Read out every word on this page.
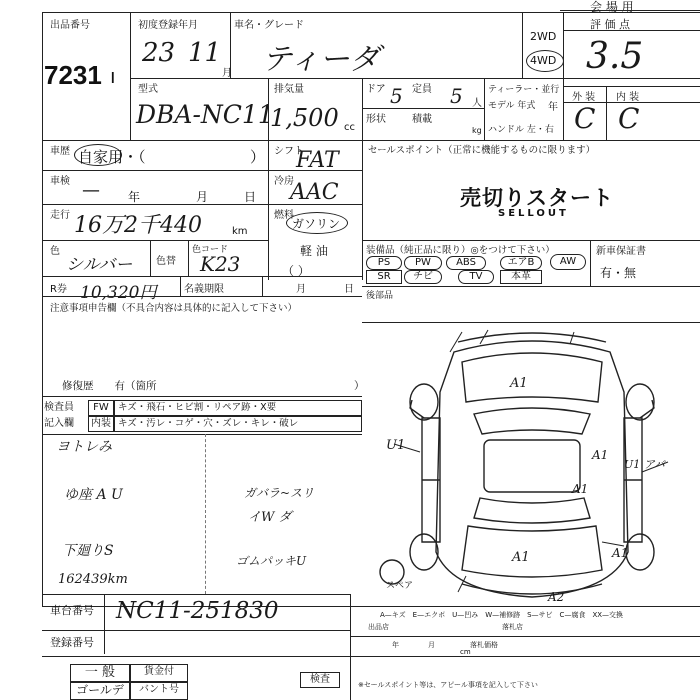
会 場 用
出品番号
7231 ı
初度登録年月
23 11
月
車名・グレード
ティーダ
2WD
4WD
評 価 点
3.5
型式
DBA-NC11
排気量
1,500 cc
ドア 5 定員 5 人
積載
形状
kg
ティーラー・並行
モデル 年式 年
ハンドル 左・右
外 装 内 装
C C
車歴 自家用・（	） シフト
FAT
車検 — 年	月	日
冷房
AAC
走行 16万2千440	km
燃料
ガソリン
軽 油
（ ）
色
シルバー 色替
色コード
K23
R券 10,320円	名義期限	月	日
注意事項申告欄（不具合内容は具体的に記入して下さい）
修復歴　　有（箇所	）
検査員 記入欄
FW キズ・飛石・ヒビ割・リペア跡・X要
内装 キズ・汚レ・コゲ・穴・ズレ・キレ・破レ
ヨトレみ
ゆ座 A U	ガバラ~スリ
イW ダ
下廻りS
ゴムパッキU
162439km
車台番号 NC11-251830
登録番号
一 般	貨金付
ゴールデ	バント号
検査	※セールスポイント等は、アピール事項を記入して下さい
出品店	落札店
年	月	落札価格
cm
セールスポイント（正常に機能するものに限ります）
売切りスタート
SELLOUT
装備品（純正品に限り）◎をつけて下さい）	新車保証書
有・無
PS	PW	ABS	エアB	AW
SR	チビ	TV	本革
後部品
A1
U1
A1
U1 アバ
A1
A1	A1
A2
スペア
A—キズ　E—エクボ　U—凹み　W—補修跡　S—サビ　C—腐食　XX—交換
